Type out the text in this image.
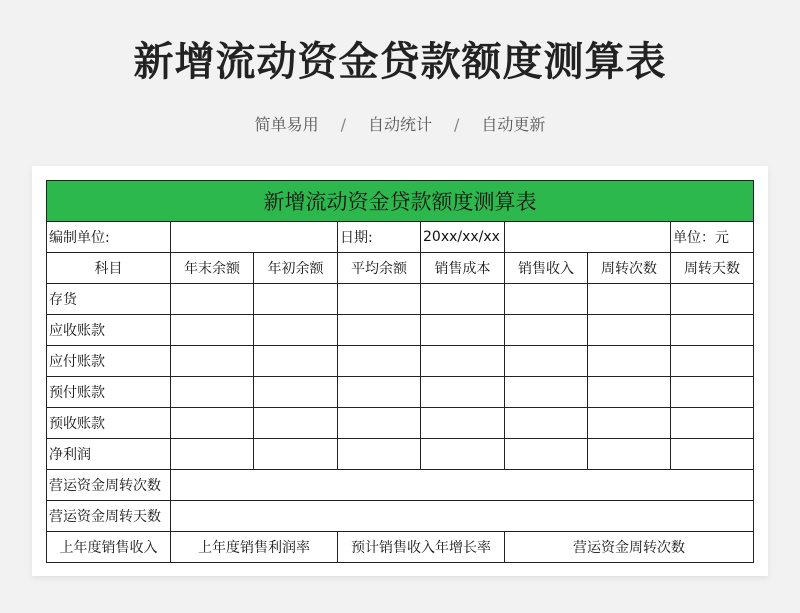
新增流动资金贷款额度测算表
简单易用 / 自动统计 / 自动更新
新增流动资金贷款额度测算表							
编制单位:			日期:	20xx/xx/xx			单位：元
科目	年末余额	年初余额	平均余额	销售成本	销售收入	周转次数	周转天数
存货							
应收账款							
应付账款							
预付账款							
预收账款							
净利润							
营运资金周转次数							
营运资金周转天数							
上年度销售收入	上年度销售利润率		预计销售收入年增长率		营运资金周转次数		
